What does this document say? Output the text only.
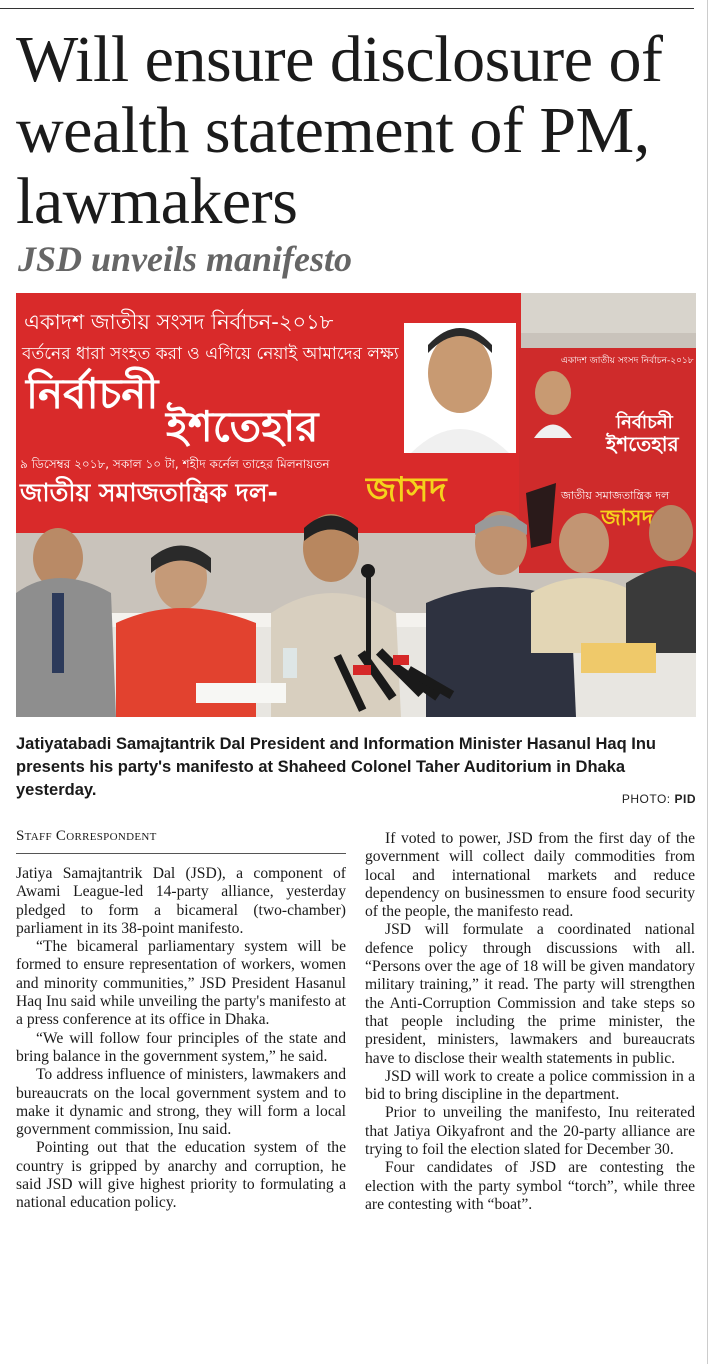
Will ensure disclosure of wealth statement of PM, lawmakers
JSD unveils manifesto
একাদশ জাতীয় সংসদ নির্বাচন-২০১৮
বর্তনের ধারা সংহত করা ও এগিয়ে নেয়াই আমাদের লক্ষ্য
নির্বাচনী
ইশতেহার
৯ ডিসেম্বর ২০১৮, সকাল ১০ টা, শহীদ কর্নেল তাহের মিলনায়তন
জাতীয় সমাজতান্ত্রিক দল-	জাসদ
একাদশ জাতীয় সংসদ নির্বাচন-২০১৮
নির্বাচনী
ইশতেহার
জাতীয় সমাজতান্ত্রিক দল
জাসদ

Jatiyatabadi Samajtantrik Dal President and Information Minister Hasanul Haq Inu presents his party's manifesto at Shaheed Colonel Taher Auditorium in Dhaka yesterday.	PHOTO: PID
Staff Correspondent

Jatiya Samajtantrik Dal (JSD), a component of Awami League-led 14-party alliance, yesterday pledged to form a bicameral (two-chamber) parliament in its 38-point manifesto.

“The bicameral parliamentary system will be formed to ensure representation of workers, women and minority communities,” JSD President Hasanul Haq Inu said while unveiling the party's manifesto at a press conference at its office in Dhaka.

“We will follow four principles of the state and bring balance in the government system,” he said.

To address influence of ministers, lawmakers and bureaucrats on the local government system and to make it dynamic and strong, they will form a local government commission, Inu said.

Pointing out that the education system of the country is gripped by anarchy and corruption, he said JSD will give highest priority to formulating a national education policy.

If voted to power, JSD from the first day of the government will collect daily commodities from local and international markets and reduce dependency on businessmen to ensure food security of the people, the manifesto read.

JSD will formulate a coordinated national defence policy through discussions with all. “Persons over the age of 18 will be given mandatory military training,” it read. The party will strengthen the Anti-Corruption Commission and take steps so that people including the prime minister, the president, ministers, lawmakers and bureaucrats have to disclose their wealth statements in public.

JSD will work to create a police commission in a bid to bring discipline in the department.

Prior to unveiling the manifesto, Inu reiterated that Jatiya Oikyafront and the 20-party alliance are trying to foil the election slated for December 30.

Four candidates of JSD are contesting the election with the party symbol “torch”, while three are contesting with “boat”.
